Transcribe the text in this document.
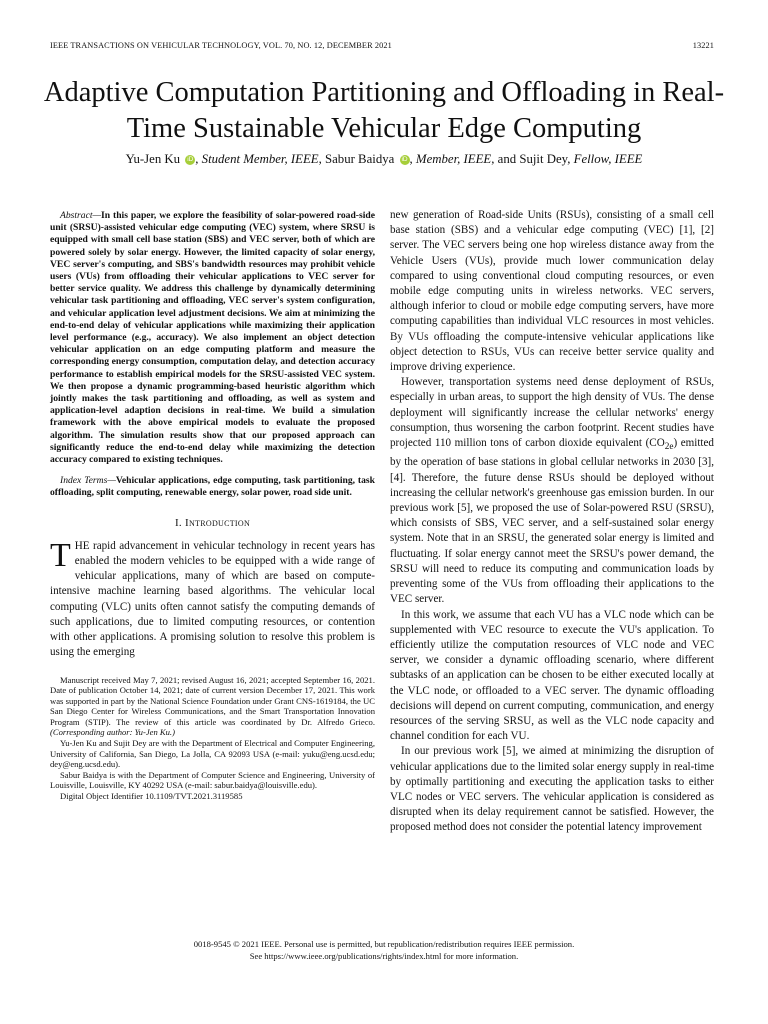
IEEE TRANSACTIONS ON VEHICULAR TECHNOLOGY, VOL. 70, NO. 12, DECEMBER 2021	13221
Adaptive Computation Partitioning and Offloading in Real-Time Sustainable Vehicular Edge Computing
Yu-Jen Ku iD , Student Member, IEEE, Sabur Baidya iD , Member, IEEE, and Sujit Dey, Fellow, IEEE

Abstract—In this paper, we explore the feasibility of solar-powered road-side unit (SRSU)-assisted vehicular edge computing (VEC) system, where SRSU is equipped with small cell base station (SBS) and VEC server, both of which are powered solely by solar energy. However, the limited capacity of solar energy, VEC server's computing, and SBS's bandwidth resources may prohibit vehicle users (VUs) from offloading their vehicular applications to VEC server for better service quality. We address this challenge by dynamically determining vehicular task partitioning and offloading, VEC server's system configuration, and vehicular application level adjustment decisions. We aim at minimizing the end-to-end delay of vehicular applications while maximizing their application level performance (e.g., accuracy). We also implement an object detection vehicular application on an edge computing platform and measure the corresponding energy consumption, computation delay, and detection accuracy performance to establish empirical models for the SRSU-assisted VEC system. We then propose a dynamic programming-based heuristic algorithm which jointly makes the task partitioning and offloading, as well as system and application-level adaption decisions in real-time. We build a simulation framework with the above empirical models to evaluate the proposed algorithm. The simulation results show that our proposed approach can significantly reduce the end-to-end delay while maximizing the detection accuracy compared to existing techniques.

Index Terms—Vehicular applications, edge computing, task partitioning, task offloading, split computing, renewable energy, solar power, road side unit.

I. Introduction

THE rapid advancement in vehicular technology in recent years has enabled the modern vehicles to be equipped with a wide range of vehicular applications, many of which are based on compute-intensive machine learning based algorithms. The vehicular local computing (VLC) units often cannot satisfy the computing demands of such applications, due to limited computing resources, or contention with other applications. A promising solution to resolve this problem is using the emerging

Manuscript received May 7, 2021; revised August 16, 2021; accepted September 16, 2021. Date of publication October 14, 2021; date of current version December 17, 2021. This work was supported in part by the National Science Foundation under Grant CNS-1619184, the UC San Diego Center for Wireless Communications, and the Smart Transportation Innovation Program (STIP). The review of this article was coordinated by Dr. Alfredo Grieco. (Corresponding author: Yu-Jen Ku.)

Yu-Jen Ku and Sujit Dey are with the Department of Electrical and Computer Engineering, University of California, San Diego, La Jolla, CA 92093 USA (e-mail: yuku@eng.ucsd.edu; dey@eng.ucsd.edu).

Sabur Baidya is with the Department of Computer Science and Engineering, University of Louisville, Louisville, KY 40292 USA (e-mail: sabur.baidya@louisville.edu).

Digital Object Identifier 10.1109/TVT.2021.3119585

new generation of Road-side Units (RSUs), consisting of a small cell base station (SBS) and a vehicular edge computing (VEC) [1], [2] server. The VEC servers being one hop wireless distance away from the Vehicle Users (VUs), provide much lower communication delay compared to using conventional cloud computing resources, or even mobile edge computing units in wireless networks. VEC servers, although inferior to cloud or mobile edge computing servers, have more computing capabilities than individual VLC resources in most vehicles. By VUs offloading the compute-intensive vehicular applications like object detection to RSUs, VUs can receive better service quality and improve driving experience.

However, transportation systems need dense deployment of RSUs, especially in urban areas, to support the high density of VUs. The dense deployment will significantly increase the cellular networks' energy consumption, thus worsening the carbon footprint. Recent studies have projected 110 million tons of carbon dioxide equivalent $(CO_{2e})$ emitted by the operation of base stations in global cellular networks in 2030 [3], [4]. Therefore, the future dense RSUs should be deployed without increasing the cellular network's greenhouse gas emission burden. In our previous work [5], we proposed the use of Solar-powered RSU (SRSU), which consists of SBS, VEC server, and a self-sustained solar energy system. Note that in an SRSU, the generated solar energy is limited and fluctuating. If solar energy cannot meet the SRSU's power demand, the SRSU will need to reduce its computing and communication loads by preventing some of the VUs from offloading their applications to the VEC server.

In this work, we assume that each VU has a VLC node which can be supplemented with VEC resource to execute the VU's application. To efficiently utilize the computation resources of VLC node and VEC server, we consider a dynamic offloading scenario, where different subtasks of an application can be chosen to be either executed locally at the VLC node, or offloaded to a VEC server. The dynamic offloading decisions will depend on current computing, communication, and energy resources of the serving SRSU, as well as the VLC node capacity and channel condition for each VU.

In our previous work [5], we aimed at minimizing the disruption of vehicular applications due to the limited solar energy supply in real-time by optimally partitioning and executing the application tasks to either VLC nodes or VEC servers. The vehicular application is considered as disrupted when its delay requirement cannot be satisfied. However, the proposed method does not consider the potential latency improvement

0018-9545 © 2021 IEEE. Personal use is permitted, but republication/redistribution requires IEEE permission.
See https://www.ieee.org/publications/rights/index.html for more information.
